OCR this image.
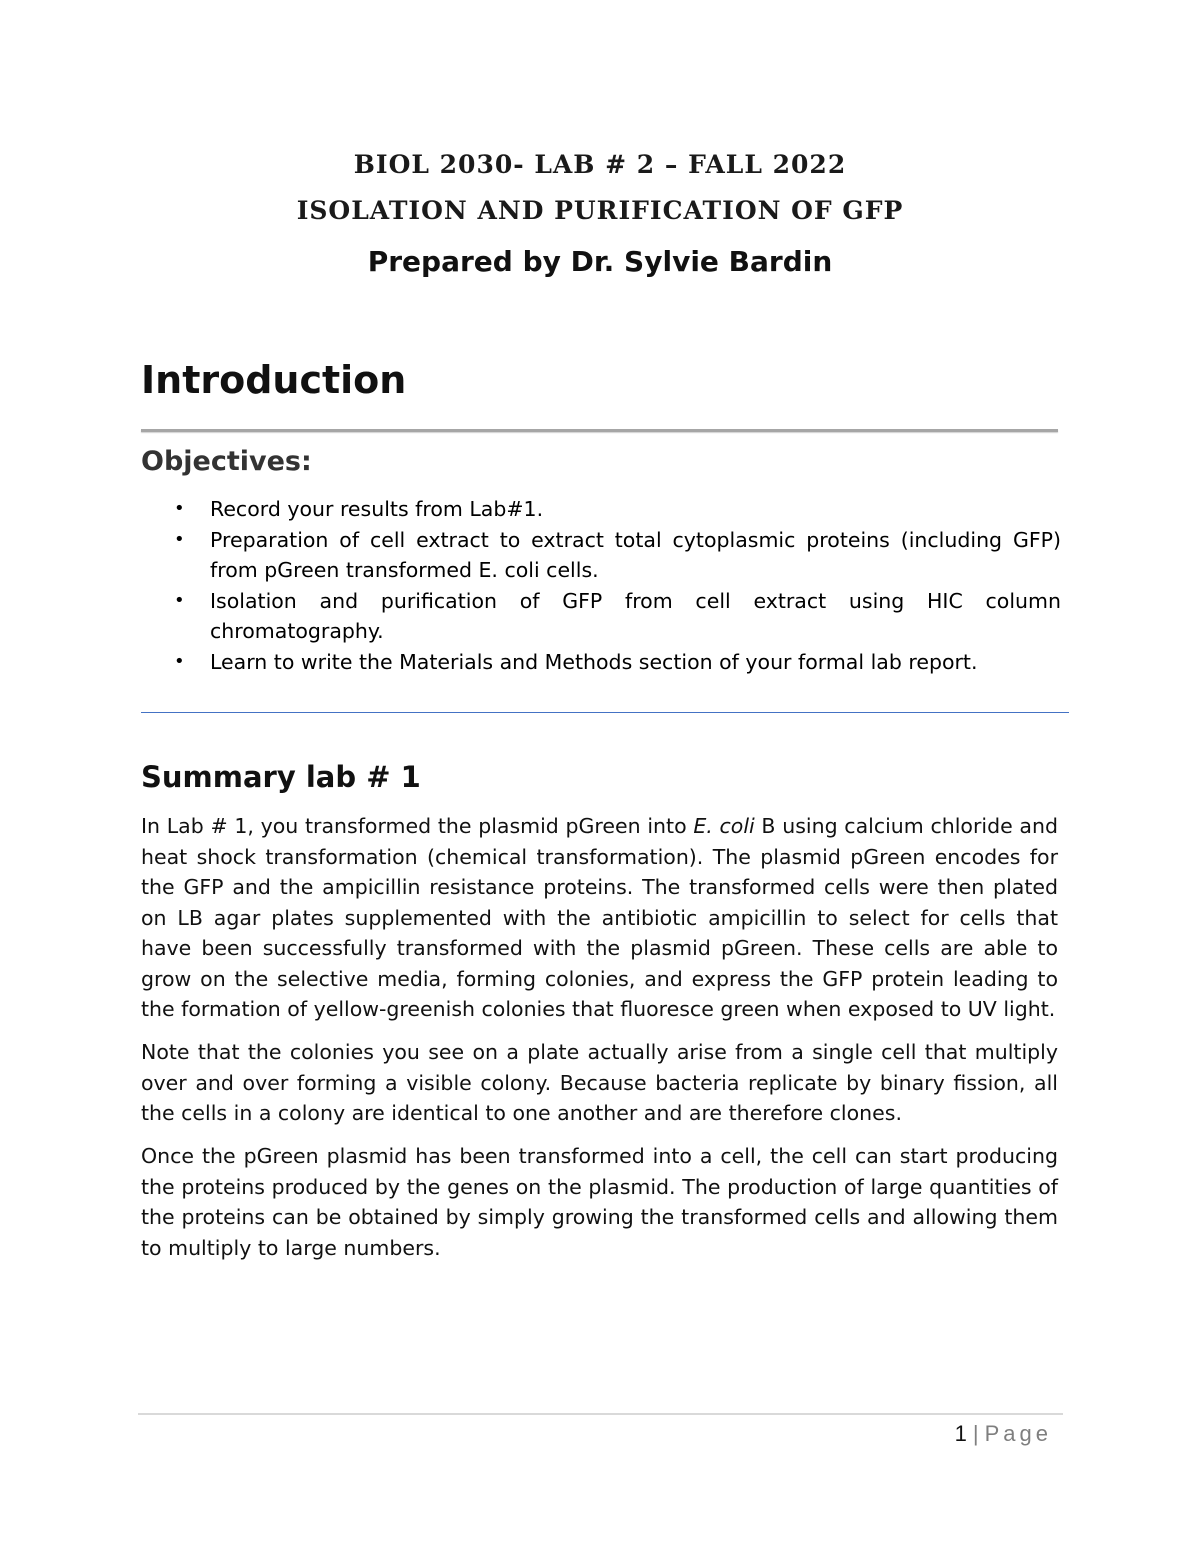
BIOL 2030- LAB # 2 – FALL 2022
ISOLATION AND PURIFICATION OF GFP
Prepared by Dr. Sylvie Bardin
Introduction
Objectives:
• Record your results from Lab#1.
• Preparation of cell extract to extract total cytoplasmic proteins (including GFP) from pGreen transformed E. coli cells.
• Isolation and purification of GFP from cell extract using HIC column chromatography.
• Learn to write the Materials and Methods section of your formal lab report.
Summary lab # 1

In Lab # 1, you transformed the plasmid pGreen into E. coli B using calcium chloride and heat shock transformation (chemical transformation). The plasmid pGreen encodes for the GFP and the ampicillin resistance proteins. The transformed cells were then plated on LB agar plates supplemented with the antibiotic ampicillin to select for cells that have been successfully transformed with the plasmid pGreen. These cells are able to grow on the selective media, forming colonies, and express the GFP protein leading to the formation of yellow-greenish colonies that fluoresce green when exposed to UV light.

Note that the colonies you see on a plate actually arise from a single cell that multiply over and over forming a visible colony. Because bacteria replicate by binary fission, all the cells in a colony are identical to one another and are therefore clones.

Once the pGreen plasmid has been transformed into a cell, the cell can start producing the proteins produced by the genes on the plasmid. The production of large quantities of the proteins can be obtained by simply growing the transformed cells and allowing them to multiply to large numbers.

1 | Page
